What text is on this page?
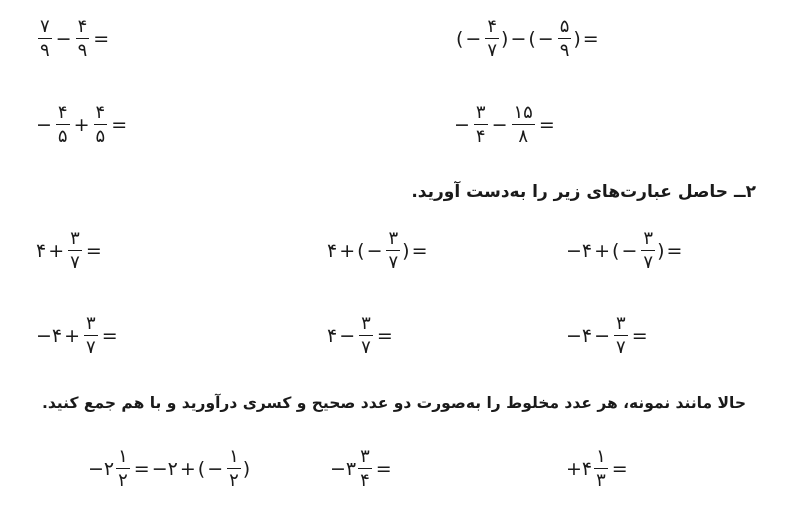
$\frac{۷}{۹} - \frac{۴}{۹}$ =	( − $\frac{۴}{۷}$ ) − ( − $\frac{۵}{۹}$ ) =
− $\frac{۴}{۵} + \frac{۴}{۵}$ =	− $\frac{۳}{۴} - \frac{۱۵}{۸}$ =
۲ــ حاصل عبارت‌های زیر را به‌دست آورید.
۴ + $\frac{۳}{۷}$ =	۴ + ( − $\frac{۳}{۷}$ ) =	−۴ + ( − $\frac{۳}{۷}$ ) =
−۴ + $\frac{۳}{۷}$ =	۴ − $\frac{۳}{۷}$ =	−۴ − $\frac{۳}{۷}$ =
حالا مانند نمونه، هر عدد مخلوط را به‌صورت دو عدد صحیح و کسری درآورید و با هم جمع کنید.
−۲ $\frac{۱}{۲}$ = −۲ + ( − $\frac{۱}{۲}$ )	−۳ $\frac{۳}{۴}$ =	+۴ $\frac{۱}{۳}$ =
